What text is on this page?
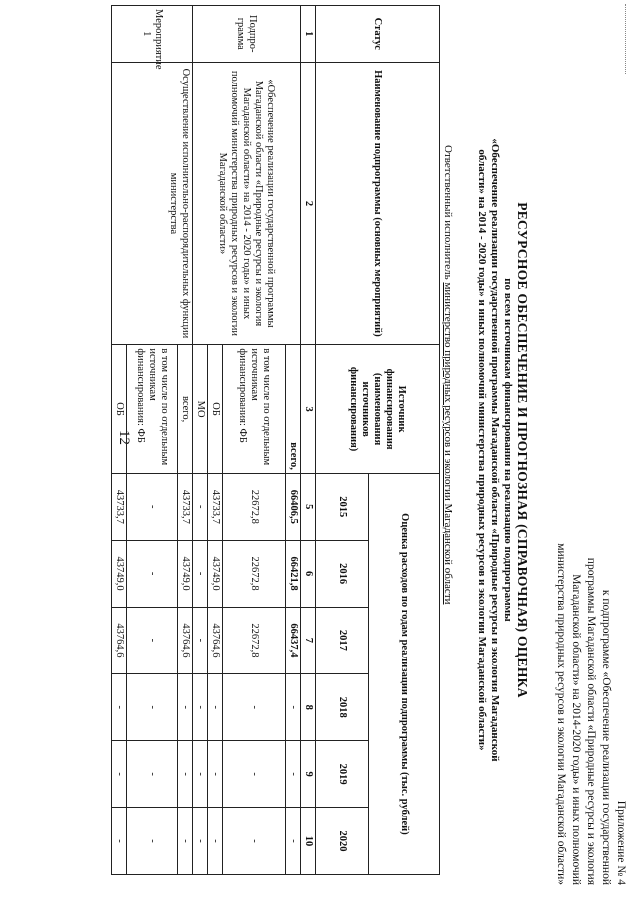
12
Приложение № 4
к подпрограмме «Обеспечение реализации государственной
программы Магаданской области «Природные ресурсы и экология
Магаданской области» на 2014-2020 годы» и иных полномочий
министерства природных ресурсов и экологии Магаданской области»
РЕСУРСНОЕ ОБЕСПЕЧЕНИЕ И ПРОГНОЗНАЯ (СПРАВОЧНАЯ) ОЦЕНКА
по всем источникам финансирования на реализацию подпрограммы
«Обеспечение реализации государственной программы Магаданской области «Природные ресурсы и экология Магаданской
области» на 2014 - 2020 годы» и иных полномочий министерства природных ресурсов и экологии Магаданской области»
Ответственный исполнитель министерство природных ресурсов и экологии Магаданской области
Статус	Наименование подпрограммы (основных мероприятий)	Источник финансирования (наименования источников финансирования)	Оценка расходов по годам реализации подпрограммы (тыс. рублей)					
			2015	2016	2017	2018	2019	2020
1	2	3	5	6	7	8	9	10
Подпро-грамма	«Обеспечение реализации государственной программы Магаданской области «Природные ресурсы и экология Магаданской области» на 2014 - 2020 годы» и иных полномочий министерства природных ресурсов и экологии Магаданской области»	всего,	66406,5	66421,8	66437,4	-	-	-
		в том числе по отдельным источникам финансирования: ФБ	22672,8	22672,8	22672,8	-	-	-
		ОБ	43733,7	43749,0	43764,6	-	-	-
		МО	-	-	-	-	-	-
Мероприятие 1	Осуществление исполнительно-распорядительных функции министерства	всего,	43733,7	43749,0	43764,6	-	-	-
		в том числе по отдельным источникам финансирования: ФБ	-	-	-	-	-	-
		ОБ	43733,7	43749,0	43764,6	-	-	-
